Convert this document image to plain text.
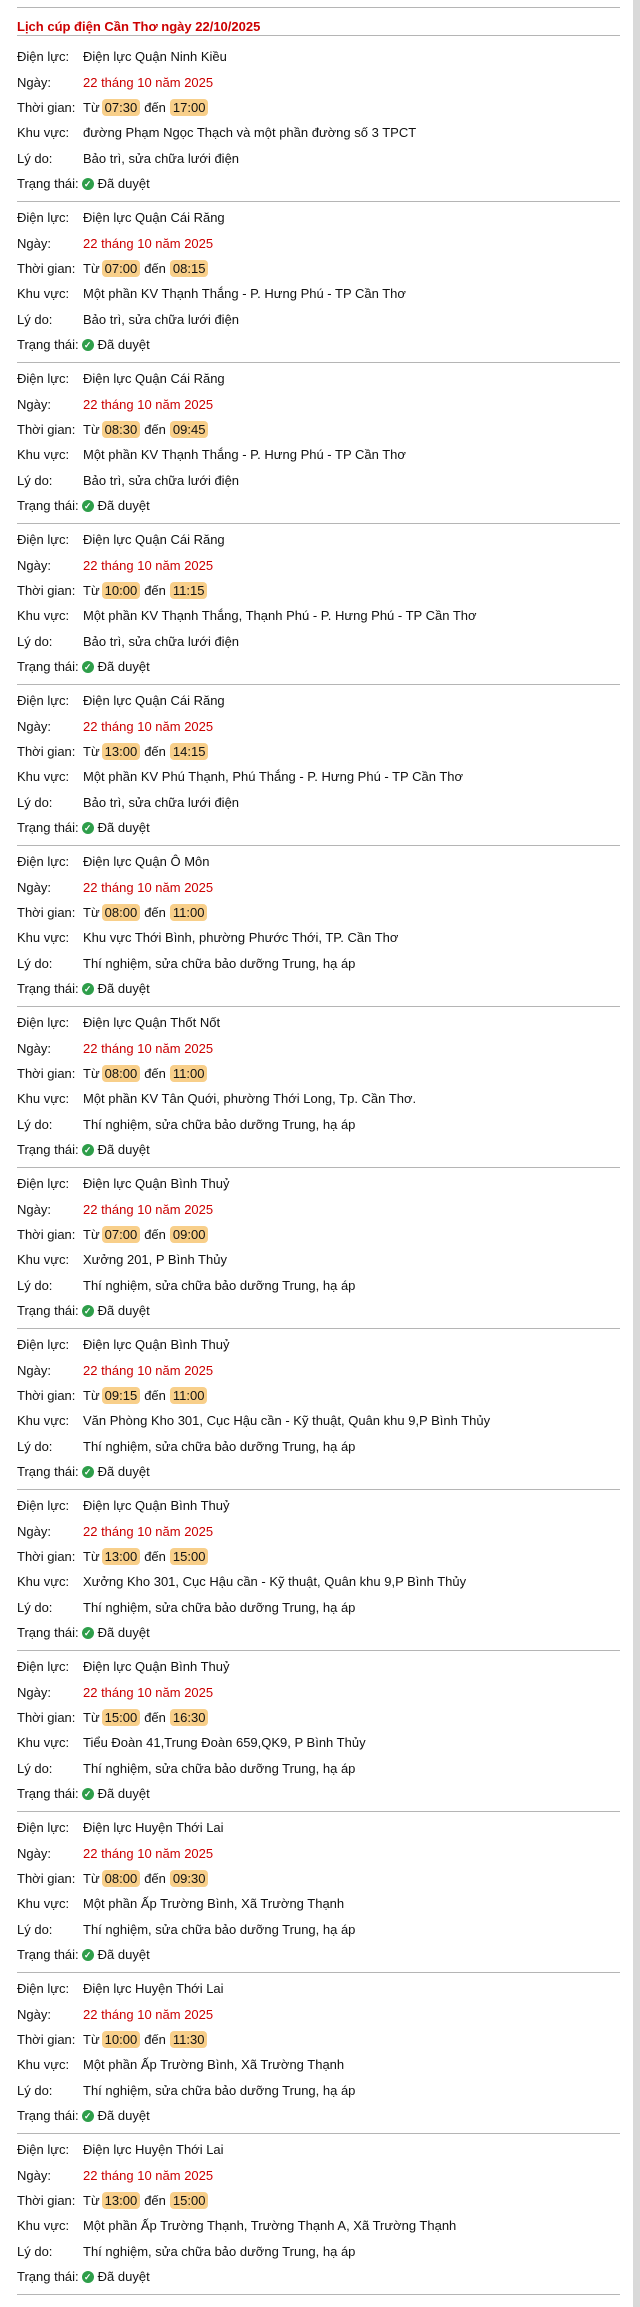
Lịch cúp điện Cần Thơ ngày 22/10/2025
Điện lực:	Điện lực Quận Ninh Kiều
Ngày:	22 tháng 10 năm 2025
Thời gian: Từ 07:30 đến 17:00
Khu vực:	đường Phạm Ngọc Thạch và một phần đường số 3 TPCT
Lý do:	Bảo trì, sửa chữa lưới điện
Trạng thái: ✓ Đã duyệt
Điện lực:	Điện lực Quận Cái Răng
Ngày:	22 tháng 10 năm 2025
Thời gian: Từ 07:00 đến 08:15
Khu vực:	Một phần KV Thạnh Thắng - P. Hưng Phú - TP Cần Thơ
Lý do:	Bảo trì, sửa chữa lưới điện
Trạng thái: ✓ Đã duyệt
Điện lực:	Điện lực Quận Cái Răng
Ngày:	22 tháng 10 năm 2025
Thời gian: Từ 08:30 đến 09:45
Khu vực:	Một phần KV Thạnh Thắng - P. Hưng Phú - TP Cần Thơ
Lý do:	Bảo trì, sửa chữa lưới điện
Trạng thái: ✓ Đã duyệt
Điện lực:	Điện lực Quận Cái Răng
Ngày:	22 tháng 10 năm 2025
Thời gian: Từ 10:00 đến 11:15
Khu vực:	Một phần KV Thạnh Thắng, Thạnh Phú - P. Hưng Phú - TP Cần Thơ
Lý do:	Bảo trì, sửa chữa lưới điện
Trạng thái: ✓ Đã duyệt
Điện lực:	Điện lực Quận Cái Răng
Ngày:	22 tháng 10 năm 2025
Thời gian: Từ 13:00 đến 14:15
Khu vực:	Một phần KV Phú Thạnh, Phú Thắng - P. Hưng Phú - TP Cần Thơ
Lý do:	Bảo trì, sửa chữa lưới điện
Trạng thái: ✓ Đã duyệt
Điện lực:	Điện lực Quận Ô Môn
Ngày:	22 tháng 10 năm 2025
Thời gian: Từ 08:00 đến 11:00
Khu vực:	Khu vực Thới Bình, phường Phước Thới, TP. Cần Thơ
Lý do:	Thí nghiệm, sửa chữa bảo dưỡng Trung, hạ áp
Trạng thái: ✓ Đã duyệt
Điện lực:	Điện lực Quận Thốt Nốt
Ngày:	22 tháng 10 năm 2025
Thời gian: Từ 08:00 đến 11:00
Khu vực:	Một phần KV Tân Quới, phường Thới Long, Tp. Cần Thơ.
Lý do:	Thí nghiệm, sửa chữa bảo dưỡng Trung, hạ áp
Trạng thái: ✓ Đã duyệt
Điện lực:	Điện lực Quận Bình Thuỷ
Ngày:	22 tháng 10 năm 2025
Thời gian: Từ 07:00 đến 09:00
Khu vực:	Xưởng 201, P Bình Thủy
Lý do:	Thí nghiệm, sửa chữa bảo dưỡng Trung, hạ áp
Trạng thái: ✓ Đã duyệt
Điện lực:	Điện lực Quận Bình Thuỷ
Ngày:	22 tháng 10 năm 2025
Thời gian: Từ 09:15 đến 11:00
Khu vực:	Văn Phòng Kho 301, Cục Hậu cần - Kỹ thuật, Quân khu 9,P Bình Thủy
Lý do:	Thí nghiệm, sửa chữa bảo dưỡng Trung, hạ áp
Trạng thái: ✓ Đã duyệt
Điện lực:	Điện lực Quận Bình Thuỷ
Ngày:	22 tháng 10 năm 2025
Thời gian: Từ 13:00 đến 15:00
Khu vực:	Xưởng Kho 301, Cục Hậu cần - Kỹ thuật, Quân khu 9,P Bình Thủy
Lý do:	Thí nghiệm, sửa chữa bảo dưỡng Trung, hạ áp
Trạng thái: ✓ Đã duyệt
Điện lực:	Điện lực Quận Bình Thuỷ
Ngày:	22 tháng 10 năm 2025
Thời gian: Từ 15:00 đến 16:30
Khu vực:	Tiểu Đoàn 41,Trung Đoàn 659,QK9, P Bình Thủy
Lý do:	Thí nghiệm, sửa chữa bảo dưỡng Trung, hạ áp
Trạng thái: ✓ Đã duyệt
Điện lực:	Điện lực Huyện Thới Lai
Ngày:	22 tháng 10 năm 2025
Thời gian: Từ 08:00 đến 09:30
Khu vực:	Một phần Ấp Trường Bình, Xã Trường Thạnh
Lý do:	Thí nghiệm, sửa chữa bảo dưỡng Trung, hạ áp
Trạng thái: ✓ Đã duyệt
Điện lực:	Điện lực Huyện Thới Lai
Ngày:	22 tháng 10 năm 2025
Thời gian: Từ 10:00 đến 11:30
Khu vực:	Một phần Ấp Trường Bình, Xã Trường Thạnh
Lý do:	Thí nghiệm, sửa chữa bảo dưỡng Trung, hạ áp
Trạng thái: ✓ Đã duyệt
Điện lực:	Điện lực Huyện Thới Lai
Ngày:	22 tháng 10 năm 2025
Thời gian: Từ 13:00 đến 15:00
Khu vực:	Một phần Ấp Trường Thạnh, Trường Thạnh A, Xã Trường Thạnh
Lý do:	Thí nghiệm, sửa chữa bảo dưỡng Trung, hạ áp
Trạng thái: ✓ Đã duyệt
